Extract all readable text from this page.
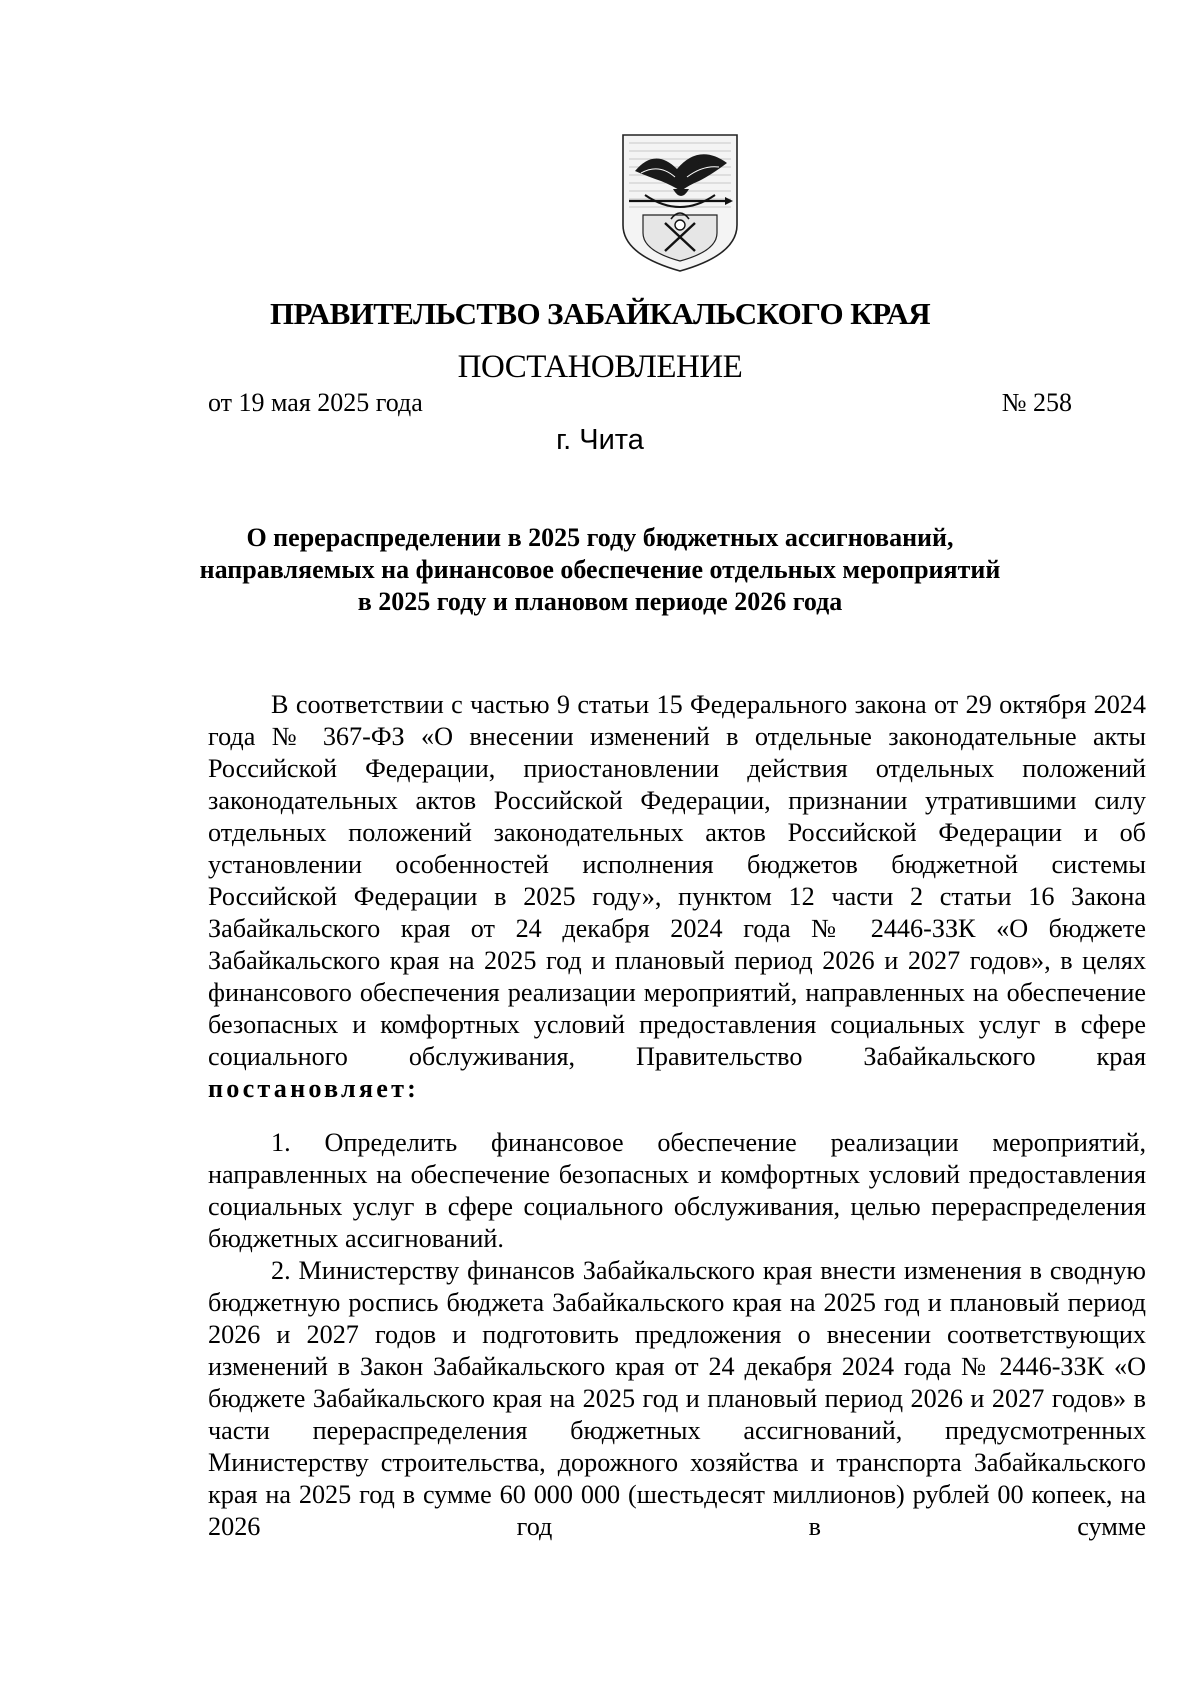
ПРАВИТЕЛЬСТВО ЗАБАЙКАЛЬСКОГО КРАЯ
ПОСТАНОВЛЕНИЕ
от 19 мая 2025 года	№ 258
г. Чита
О перераспределении в 2025 году бюджетных ассигнований,
направляемых на финансовое обеспечение отдельных мероприятий
в 2025 году и плановом периоде 2026 года

В соответствии с частью 9 статьи 15 Федерального закона от 29 октября 2024 года № 367-ФЗ «О внесении изменений в отдельные законодательные акты Российской Федерации, приостановлении действия отдельных положений законодательных актов Российской Федерации, признании утратившими силу отдельных положений законодательных актов Российской Федерации и об установлении особенностей исполнения бюджетов бюджетной системы Российской Федерации в 2025 году», пунктом 12 части 2 статьи 16 Закона Забайкальского края от 24 декабря 2024 года № 2446-ЗЗК «О бюджете Забайкальского края на 2025 год и плановый период 2026 и 2027 годов», в целях финансового обеспечения реализации мероприятий, направленных на обеспечение безопасных и комфортных условий предоставления социальных услуг в сфере социального обслуживания, Правительство Забайкальского края постановляет:

1. Определить финансовое обеспечение реализации мероприятий, направленных на обеспечение безопасных и комфортных условий предоставления социальных услуг в сфере социального обслуживания, целью перераспределения бюджетных ассигнований.

2. Министерству финансов Забайкальского края внести изменения в сводную бюджетную роспись бюджета Забайкальского края на 2025 год и плановый период 2026 и 2027 годов и подготовить предложения о внесении соответствующих изменений в Закон Забайкальского края от 24 декабря 2024 года № 2446-ЗЗК «О бюджете Забайкальского края на 2025 год и плановый период 2026 и 2027 годов» в части перераспределения бюджетных ассигнований, предусмотренных Министерству строительства, дорожного хозяйства и транспорта Забайкальского края на 2025 год в сумме 60 000 000 (шестьдесят миллионов) рублей 00 копеек, на 2026 год в сумме
